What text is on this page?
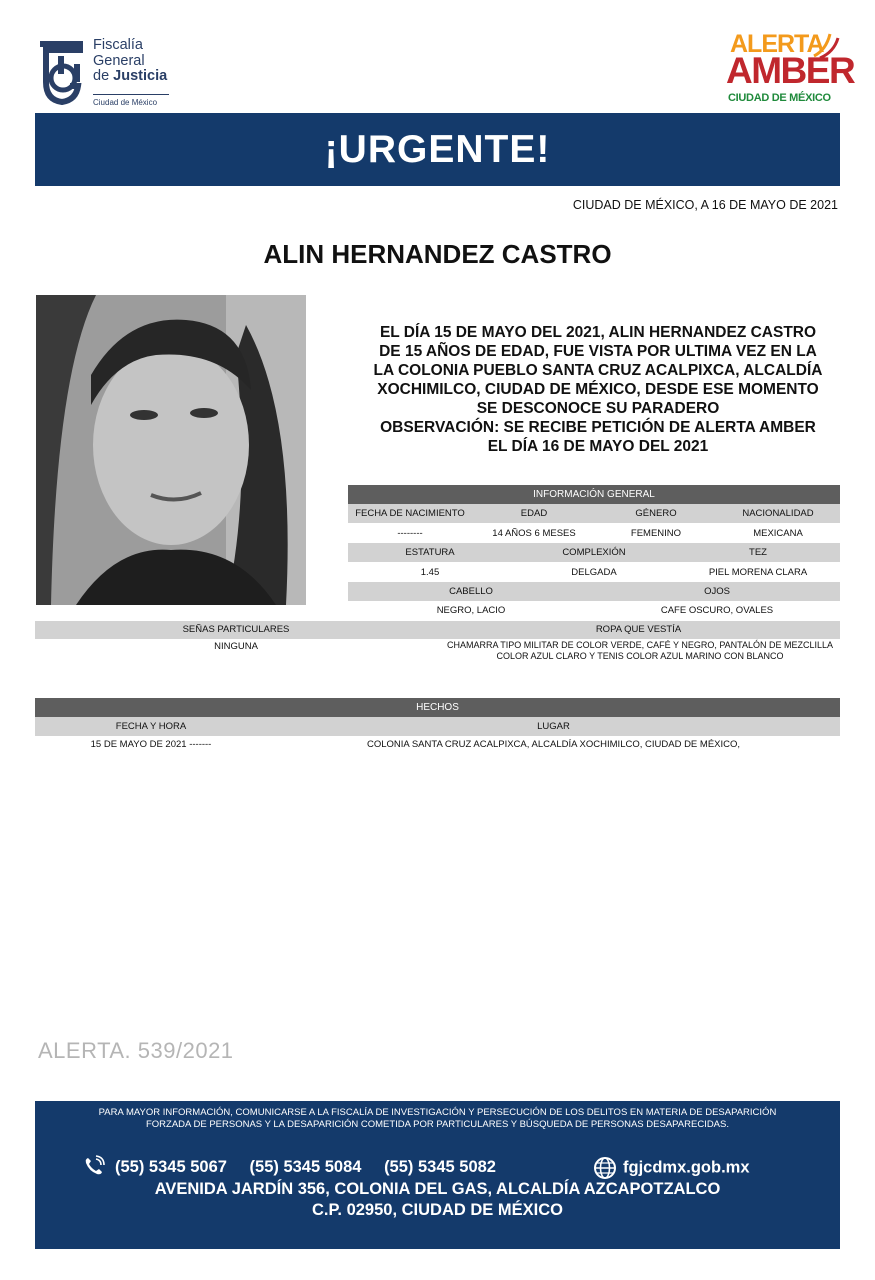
Fiscalía
General
de Justicia
Ciudad de México
ALERTA
AMBER
CIUDAD DE MÉXICO
¡URGENTE!
CIUDAD DE MÉXICO, A 16 DE MAYO DE 2021
ALIN HERNANDEZ CASTRO
EL DÍA 15 DE MAYO DEL 2021, ALIN HERNANDEZ CASTRO
DE 15 AÑOS DE EDAD, FUE VISTA POR ULTIMA VEZ EN LA
LA COLONIA PUEBLO SANTA CRUZ ACALPIXCA, ALCALDÍA
XOCHIMILCO, CIUDAD DE MÉXICO, DESDE ESE MOMENTO
SE DESCONOCE SU PARADERO
OBSERVACIÓN: SE RECIBE PETICIÓN DE ALERTA AMBER
EL DÍA 16 DE MAYO DEL 2021
INFORMACIÓN GENERAL
FECHA DE NACIMIENTO	EDAD	GÉNERO	NACIONALIDAD
--------	14 AÑOS 6 MESES	FEMENINO	MEXICANA
ESTATURA	COMPLEXIÓN	TEZ
1.45	DELGADA	PIEL MORENA CLARA
CABELLO	OJOS
NEGRO, LACIO	CAFE OSCURO, OVALES
SEÑAS PARTICULARES	ROPA QUE VESTÍA
NINGUNA	CHAMARRA TIPO MILITAR DE COLOR VERDE, CAFÉ Y NEGRO, PANTALÓN DE MEZCLILLA COLOR AZUL CLARO Y TENIS COLOR AZUL MARINO CON BLANCO
HECHOS
FECHA Y HORA	LUGAR
15 DE MAYO DE 2021 -------	COLONIA SANTA CRUZ ACALPIXCA, ALCALDÍA XOCHIMILCO, CIUDAD DE MÉXICO,
ALERTA. 539/2021
PARA MAYOR INFORMACIÓN, COMUNICARSE A LA FISCALÍA DE INVESTIGACIÓN Y PERSECUCIÓN DE LOS DELITOS EN MATERIA DE DESAPARICIÓN
FORZADA DE PERSONAS Y LA DESAPARICIÓN COMETIDA POR PARTICULARES Y BÚSQUEDA DE PERSONAS DESAPARECIDAS.
(55) 5345 5067 (55) 5345 5084 (55) 5345 5082	fgjcdmx.gob.mx
AVENIDA JARDÍN 356, COLONIA DEL GAS, ALCALDÍA AZCAPOTZALCO
C.P. 02950, CIUDAD DE MÉXICO
